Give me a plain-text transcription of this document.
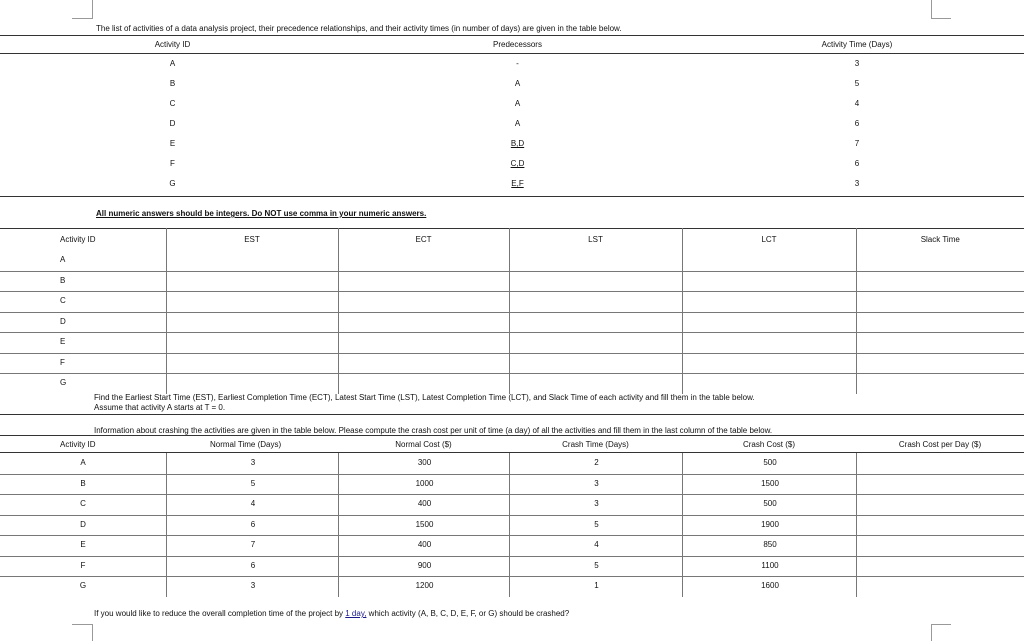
The list of activities of a data analysis project, their precedence relationships, and their activity times (in number of days) are given in the table below.
Activity ID	Predecessors	Activity Time (Days)
A	-	3
B	A	5
C	A	4
D	A	6
E	B,D	7
F	C,D	6
G	E,F	3
All numeric answers should be integers. Do NOT use comma in your numeric answers.
Activity ID	EST	ECT	LST	LCT	Slack Time
A
B
C
D
E
F
G
Find the Earliest Start Time (EST), Earliest Completion Time (ECT), Latest Start Time (LST), Latest Completion Time (LCT), and Slack Time of each activity and fill them in the table below.
Assume that activity A starts at T = 0.
Information about crashing the activities are given in the table below. Please compute the crash cost per unit of time (a day) of all the activities and fill them in the last column of the table below.
Activity ID	Normal Time (Days)	Normal Cost ($)	Crash Time (Days)	Crash Cost ($)	Crash Cost per Day ($)
A	3	300	2	500
B	5	1000	3	1500
C	4	400	3	500
D	6	1500	5	1900
E	7	400	4	850
F	6	900	5	1100
G	3	1200	1	1600
If you would like to reduce the overall completion time of the project by 1 day, which activity (A, B, C, D, E, F, or G) should be crashed?
